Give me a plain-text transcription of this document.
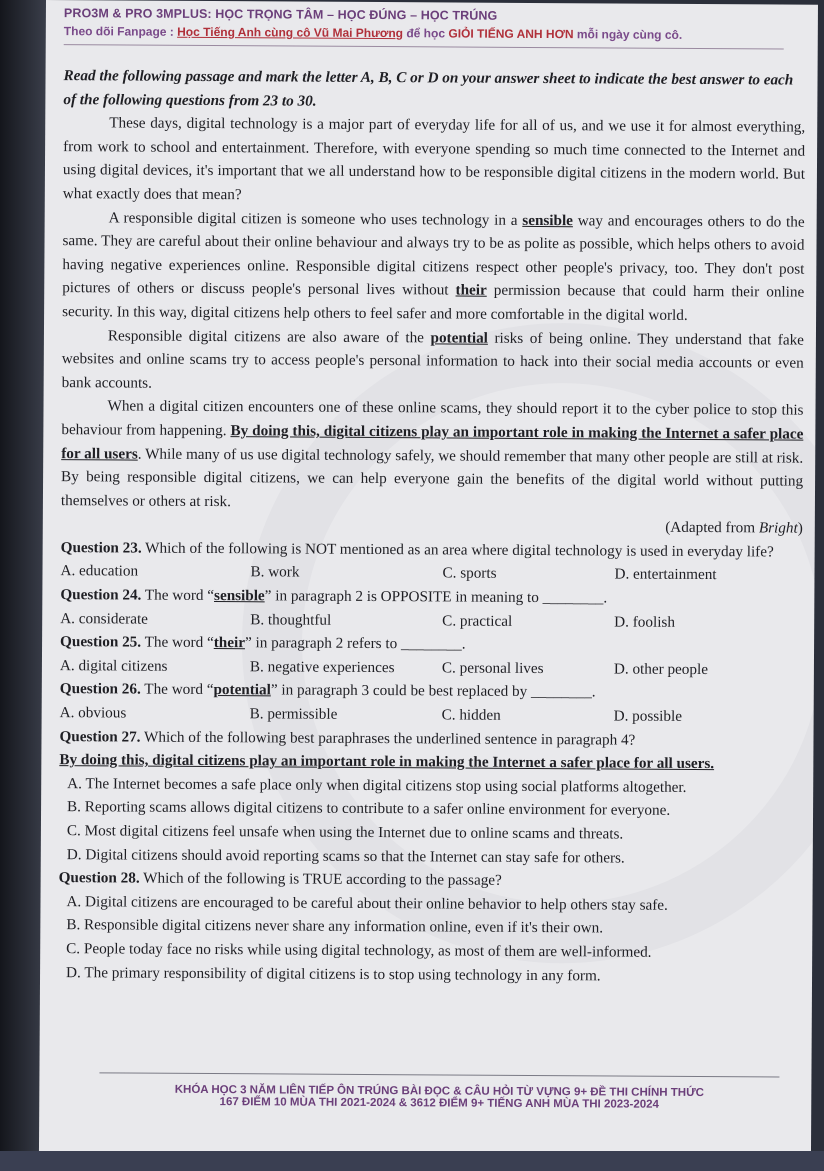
PRO3M & PRO 3MPLUS: HỌC TRỌNG TÂM – HỌC ĐÚNG – HỌC TRÚNG
Theo dõi Fanpage : Học Tiếng Anh cùng cô Vũ Mai Phương để học GIỎI TIẾNG ANH HƠN mỗi ngày cùng cô.

Read the following passage and mark the letter A, B, C or D on your answer sheet to indicate the best answer to each of the following questions from 23 to 30.

These days, digital technology is a major part of everyday life for all of us, and we use it for almost everything, from work to school and entertainment. Therefore, with everyone spending so much time connected to the Internet and using digital devices, it's important that we all understand how to be responsible digital citizens in the modern world. But what exactly does that mean?

A responsible digital citizen is someone who uses technology in a sensible way and encourages others to do the same. They are careful about their online behaviour and always try to be as polite as possible, which helps others to avoid having negative experiences online. Responsible digital citizens respect other people's privacy, too. They don't post pictures of others or discuss people's personal lives without their permission because that could harm their online security. In this way, digital citizens help others to feel safer and more comfortable in the digital world.

Responsible digital citizens are also aware of the potential risks of being online. They understand that fake websites and online scams try to access people's personal information to hack into their social media accounts or even bank accounts.

When a digital citizen encounters one of these online scams, they should report it to the cyber police to stop this behaviour from happening. By doing this, digital citizens play an important role in making the Internet a safer place for all users. While many of us use digital technology safely, we should remember that many other people are still at risk. By being responsible digital citizens, we can help everyone gain the benefits of the digital world without putting themselves or others at risk.

(Adapted from Bright)

Question 23. Which of the following is NOT mentioned as an area where digital technology is used in everyday life?

A. education	B. work	C. sports	D. entertainment

Question 24. The word “sensible” in paragraph 2 is OPPOSITE in meaning to ________.

A. considerate	B. thoughtful	C. practical	D. foolish

Question 25. The word “their” in paragraph 2 refers to ________.

A. digital citizens	B. negative experiences	C. personal lives	D. other people

Question 26. The word “potential” in paragraph 3 could be best replaced by ________.

A. obvious	B. permissible	C. hidden	D. possible

Question 27. Which of the following best paraphrases the underlined sentence in paragraph 4?

By doing this, digital citizens play an important role in making the Internet a safer place for all users.

A. The Internet becomes a safe place only when digital citizens stop using social platforms altogether.
B. Reporting scams allows digital citizens to contribute to a safer online environment for everyone.
C. Most digital citizens feel unsafe when using the Internet due to online scams and threats.
D. Digital citizens should avoid reporting scams so that the Internet can stay safe for others.

Question 28. Which of the following is TRUE according to the passage?

A. Digital citizens are encouraged to be careful about their online behavior to help others stay safe.
B. Responsible digital citizens never share any information online, even if it's their own.
C. People today face no risks while using digital technology, as most of them are well-informed.
D. The primary responsibility of digital citizens is to stop using technology in any form.
KHÓA HỌC 3 NĂM LIÊN TIẾP ÔN TRÚNG BÀI ĐỌC & CÂU HỎI TỪ VỰNG 9+ ĐỀ THI CHÍNH THỨC
167 ĐIỂM 10 MÙA THI 2021-2024 & 3612 ĐIỂM 9+ TIẾNG ANH MÙA THI 2023-2024
